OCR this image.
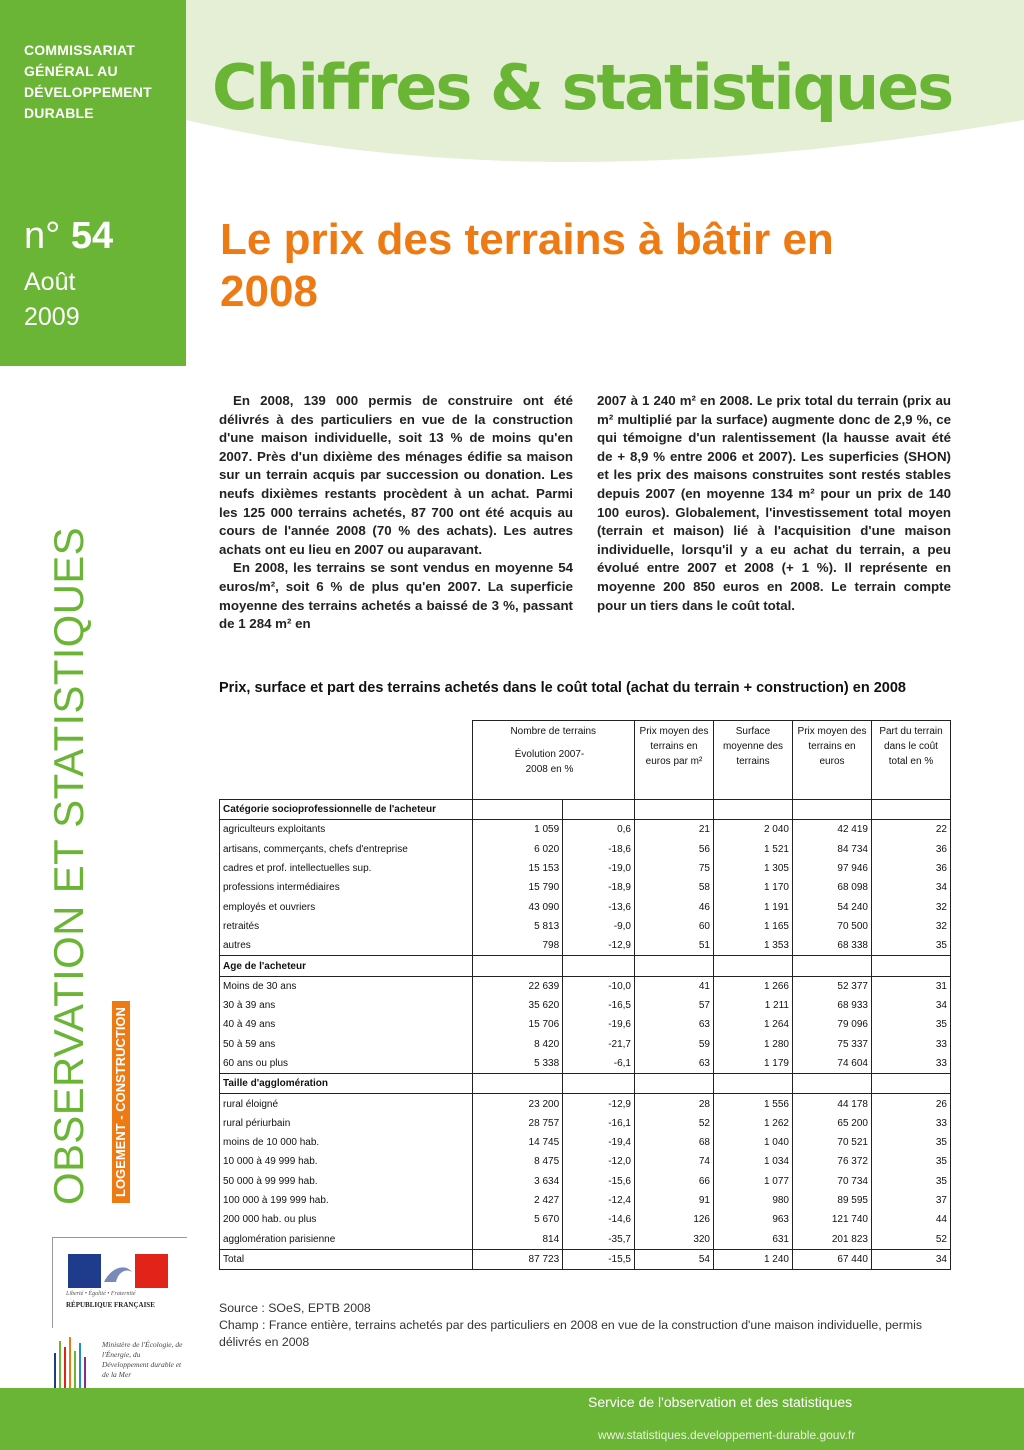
COMMISSARIAT GÉNÉRAL AU DÉVELOPPEMENT DURABLE	Chiffres & statistiques
n° 54
Août
2009
Le prix des terrains à bâtir en 2008
OBSERVATION ET STATISTIQUES LOGEMENT - CONSTRUCTION

En 2008, 139 000 permis de construire ont été délivrés à des particuliers en vue de la construction d'une maison individuelle, soit 13 % de moins qu'en 2007. Près d'un dixième des ménages édifie sa maison sur un terrain acquis par succession ou donation. Les neufs dixièmes restants procèdent à un achat. Parmi les 125 000 terrains achetés, 87 700 ont été acquis au cours de l'année 2008 (70 % des achats). Les autres achats ont eu lieu en 2007 ou auparavant.

En 2008, les terrains se sont vendus en moyenne 54 euros/m², soit 6 % de plus qu'en 2007. La superficie moyenne des terrains achetés a baissé de 3 %, passant de 1 284 m² en

2007 à 1 240 m² en 2008. Le prix total du terrain (prix au m² multiplié par la surface) augmente donc de 2,9 %, ce qui témoigne d'un ralentissement (la hausse avait été de + 8,9 % entre 2006 et 2007). Les superficies (SHON) et les prix des maisons construites sont restés stables depuis 2007 (en moyenne 134 m² pour un prix de 140 100 euros). Globalement, l'investissement total moyen (terrain et maison) lié à l'acquisition d'une maison individuelle, lorsqu'il y a eu achat du terrain, a peu évolué entre 2007 et 2008 (+ 1 %). Il représente en moyenne 200 850 euros en 2008. Le terrain compte pour un tiers dans le coût total.

Prix, surface et part des terrains achetés dans le coût total (achat du terrain + construction) en 2008

	Nombre de terrains
Évolution 2007-2008 en %		Prix moyen des terrains en euros par m²	Surface moyenne des terrains	Prix moyen des terrains en euros	Part du terrain dans le coût total en %
Catégorie socioprofessionnelle de l'acheteur						
agriculteurs exploitants	1 059	0,6	21	2 040	42 419	22
artisans, commerçants, chefs d'entreprise	6 020	-18,6	56	1 521	84 734	36
cadres et prof. intellectuelles sup.	15 153	-19,0	75	1 305	97 946	36
professions intermédiaires	15 790	-18,9	58	1 170	68 098	34
employés et ouvriers	43 090	-13,6	46	1 191	54 240	32
retraités	5 813	-9,0	60	1 165	70 500	32
autres	798	-12,9	51	1 353	68 338	35
Age de l'acheteur						
Moins de 30 ans	22 639	-10,0	41	1 266	52 377	31
30 à 39 ans	35 620	-16,5	57	1 211	68 933	34
40 à 49 ans	15 706	-19,6	63	1 264	79 096	35
50 à 59 ans	8 420	-21,7	59	1 280	75 337	33
60 ans ou plus	5 338	-6,1	63	1 179	74 604	33
Taille d'agglomération						
rural éloigné	23 200	-12,9	28	1 556	44 178	26
rural périurbain	28 757	-16,1	52	1 262	65 200	33
moins de 10 000 hab.	14 745	-19,4	68	1 040	70 521	35
10 000 à 49 999 hab.	8 475	-12,0	74	1 034	76 372	35
50 000 à 99 999 hab.	3 634	-15,6	66	1 077	70 734	35
100 000 à 199 999 hab.	2 427	-12,4	91	980	89 595	37
200 000 hab. ou plus	5 670	-14,6	126	963	121 740	44
agglomération parisienne	814	-35,7	320	631	201 823	52
Total	87 723	-15,5	54	1 240	67 440	34
Source : SOeS, EPTB 2008
Champ : France entière, terrains achetés par des particuliers en 2008 en vue de la construction d'une maison individuelle, permis délivrés en 2008
Liberté • Égalité • Fraternité
RÉPUBLIQUE FRANÇAISE
Ministère de l'Écologie, de l'Énergie, du Développement durable et de la Mer
Service de l'observation et des statistiques
www.statistiques.developpement-durable.gouv.fr
